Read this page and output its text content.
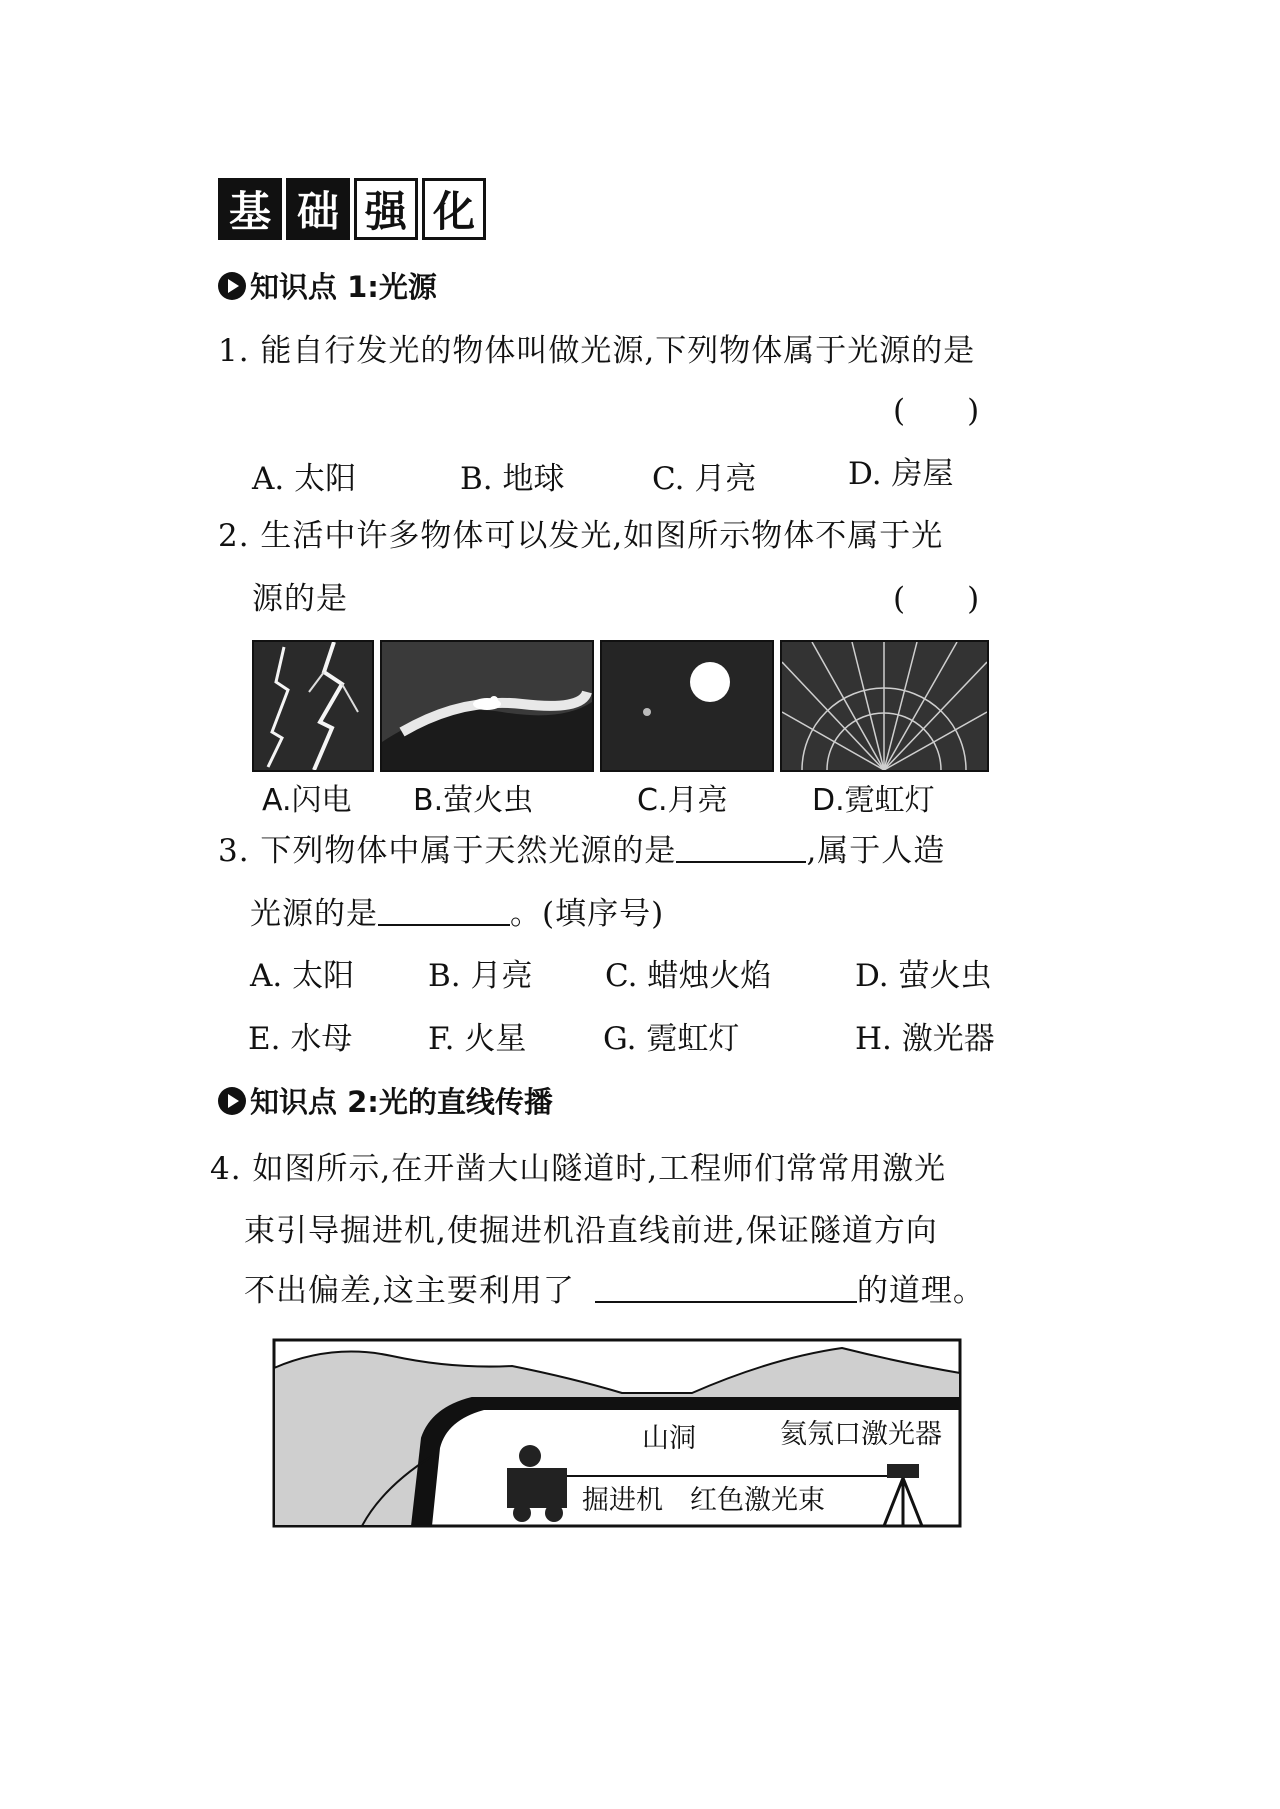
基 础 强 化
知识点 1:光源
1. 能自行发光的物体叫做光源,下列物体属于光源的是
(　　)
A. 太阳	B. 地球	C. 月亮	D. 房屋
2. 生活中许多物体可以发光,如图所示物体不属于光
源的是	(　　)
A.闪电 B.萤火虫	C.月亮	D.霓虹灯
3. 下列物体中属于天然光源的是	,属于人造
光源的是	。(填序号)
A. 太阳 B. 月亮 C. 蜡烛火焰	D. 萤火虫
E. 水母 F. 火星 G. 霓虹灯	H. 激光器
知识点 2:光的直线传播
4. 如图所示,在开凿大山隧道时,工程师们常常用激光
束引导掘进机,使掘进机沿直线前进,保证隧道方向
不出偏差,这主要利用了	的道理。
山洞	氦氖口激光器
掘进机 红色激光束
